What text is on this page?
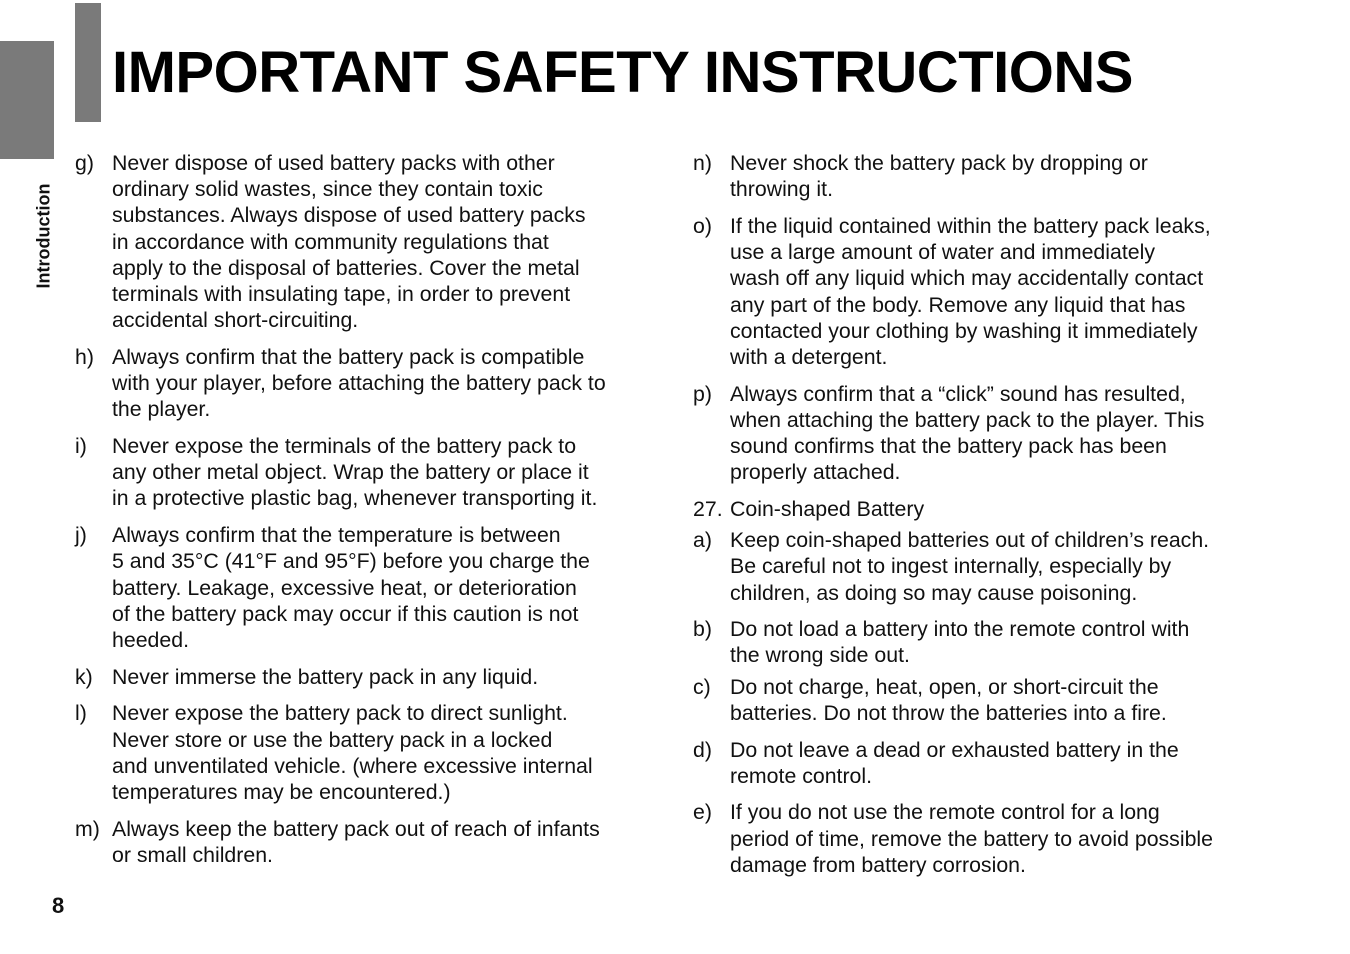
Introduction
IMPORTANT SAFETY INSTRUCTIONS
g) Never dispose of used battery packs with other
ordinary solid wastes, since they contain toxic
substances. Always dispose of used battery packs
in accordance with community regulations that
apply to the disposal of batteries. Cover the metal
terminals with insulating tape, in order to prevent
accidental short-circuiting.
h) Always confirm that the battery pack is compatible
with your player, before attaching the battery pack to
the player.
i)	Never expose the terminals of the battery pack to
any other metal object. Wrap the battery or place it
in a protective plastic bag, whenever transporting it.
j)	Always confirm that the temperature is between
5 and 35°C (41°F and 95°F) before you charge the
battery. Leakage, excessive heat, or deterioration
of the battery pack may occur if this caution is not
heeded.
k) Never immerse the battery pack in any liquid.
l)	Never expose the battery pack to direct sunlight.
Never store or use the battery pack in a locked
and unventilated vehicle. (where excessive internal
temperatures may be encountered.)
m) Always keep the battery pack out of reach of infants
or small children.
n) Never shock the battery pack by dropping or
throwing it.
o) If the liquid contained within the battery pack leaks,
use a large amount of water and immediately
wash off any liquid which may accidentally contact
any part of the body. Remove any liquid that has
contacted your clothing by washing it immediately
with a detergent.
p) Always confirm that a “click” sound has resulted,
when attaching the battery pack to the player. This
sound confirms that the battery pack has been
properly attached.
27. Coin-shaped Battery
a) Keep coin-shaped batteries out of children’s reach.
Be careful not to ingest internally, especially by
children, as doing so may cause poisoning.
b) Do not load a battery into the remote control with
the wrong side out.
c) Do not charge, heat, open, or short-circuit the
batteries. Do not throw the batteries into a fire.
d) Do not leave a dead or exhausted battery in the
remote control.
e) If you do not use the remote control for a long
period of time, remove the battery to avoid possible
damage from battery corrosion.
8
